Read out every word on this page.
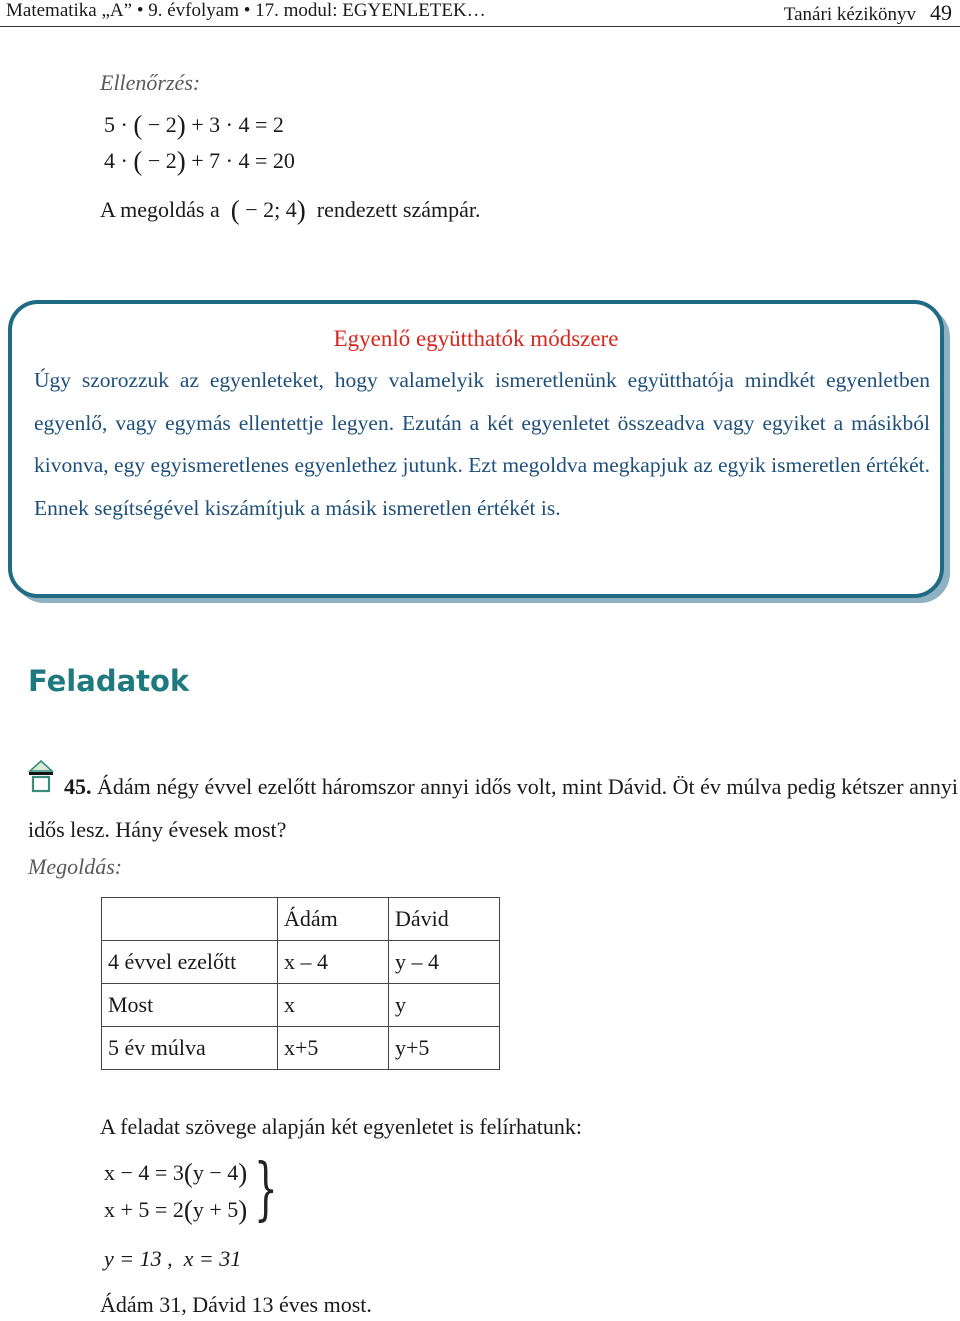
Matematika „A” • 9. évfolyam • 17. modul: EGYENLETEK…	Tanári kézikönyv 49
Ellenőrzés:
5 · ( − 2) + 3 · 4 = 2
4 · ( − 2) + 7 · 4 = 20
A megoldás a  ( − 2; 4)  rendezett számpár.
Egyenlő együtthatók módszere
Úgy szorozzuk az egyenleteket, hogy valamelyik ismeretlenünk együtthatója mindkét egyenletben egyenlő, vagy egymás ellentettje legyen. Ezután a két egyenletet összeadva vagy egyiket a másikból kivonva, egy egyismeretlenes egyenlethez jutunk. Ezt megoldva megkapjuk az egyik ismeretlen értékét. Ennek segítségével kiszámítjuk a másik ismeretlen értékét is.
Feladatok
45. Ádám négy évvel ezelőtt háromszor annyi idős volt, mint Dávid. Öt év múlva pedig kétszer annyi idős lesz. Hány évesek most?
Megoldás:
	Ádám	Dávid
4 évvel ezelőtt	x – 4	y – 4
Most	x	y
5 év múlva	x+5	y+5
A feladat szövege alapján két egyenletet is felírhatunk:
x − 4 = 3(y − 4)
x + 5 = 2(y + 5) }
y = 13 ,  x = 31
Ádám 31, Dávid 13 éves most.
